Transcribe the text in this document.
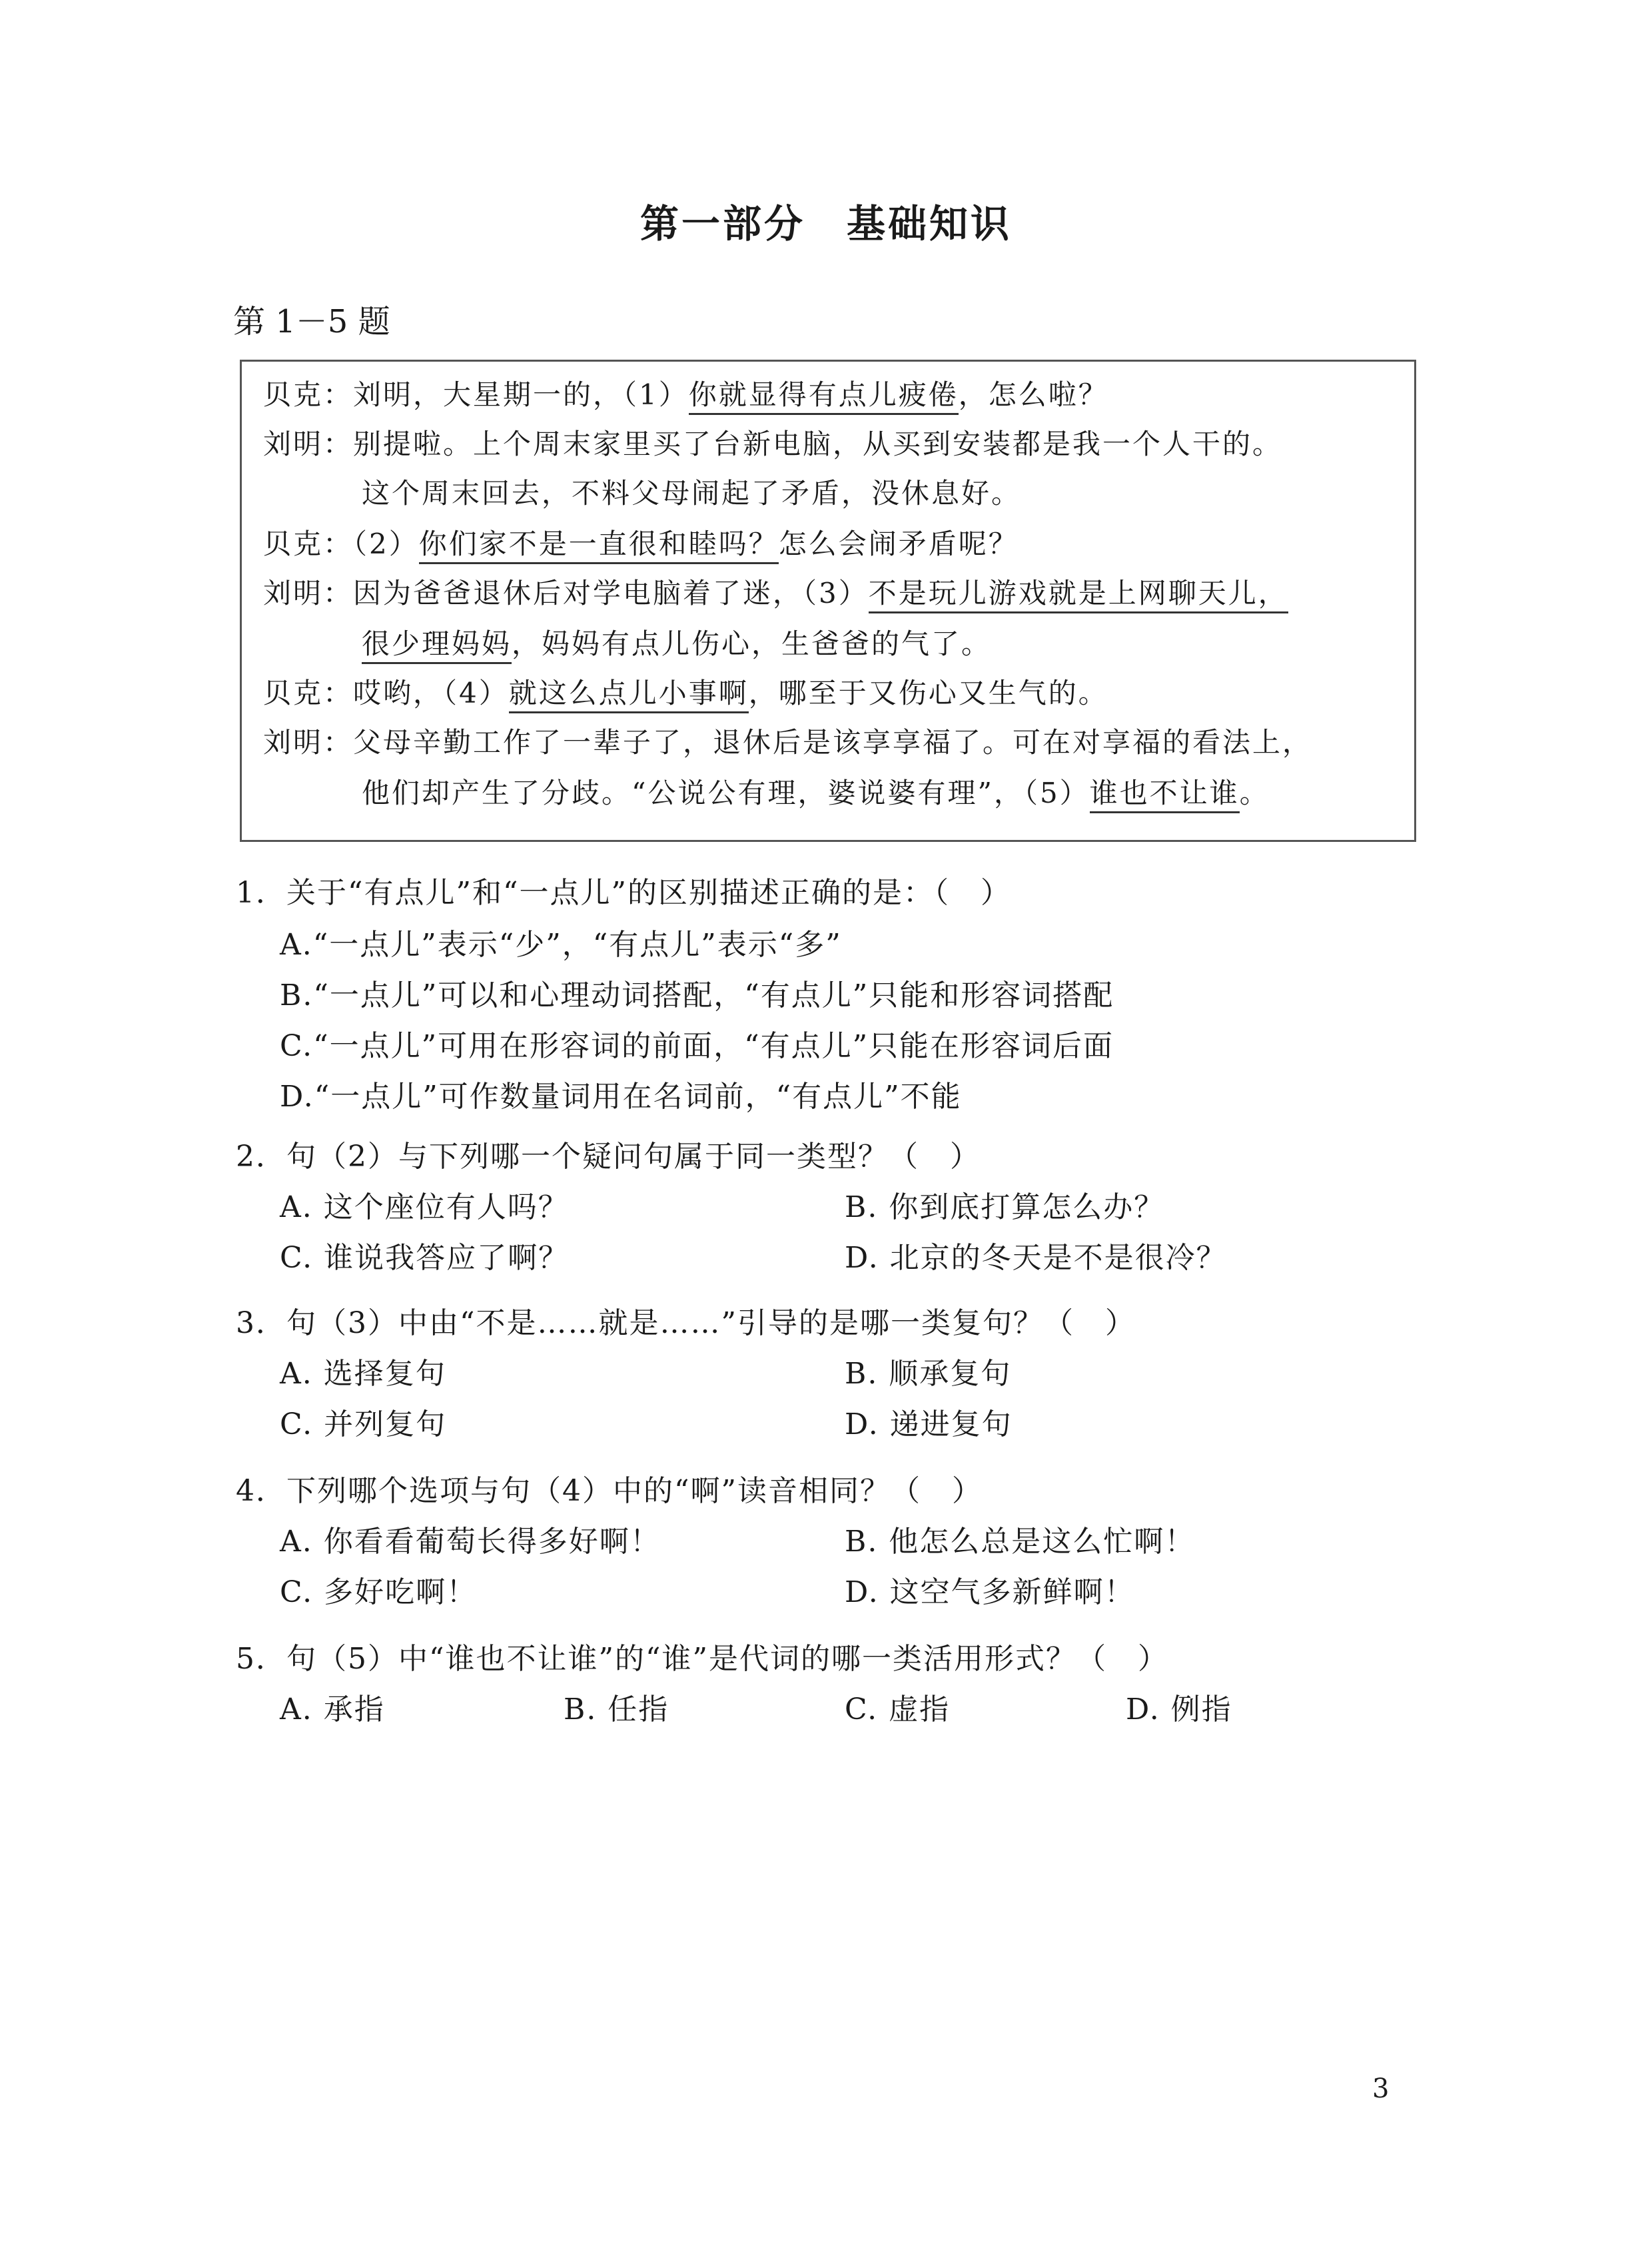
第一部分　基础知识
第 1－5 题
贝克：刘明，大星期一的，（1）你就显得有点儿疲倦，怎么啦？
刘明：别提啦。上个周末家里买了台新电脑，从买到安装都是我一个人干的。
这个周末回去，不料父母闹起了矛盾，没休息好。
贝克：（2）你们家不是一直很和睦吗？怎么会闹矛盾呢？
刘明：因为爸爸退休后对学电脑着了迷，（3）不是玩儿游戏就是上网聊天儿，
很少理妈妈，妈妈有点儿伤心，生爸爸的气了。
贝克：哎哟，（4）就这么点儿小事啊，哪至于又伤心又生气的。
刘明：父母辛勤工作了一辈子了，退休后是该享享福了。可在对享福的看法上，
他们却产生了分歧。“公说公有理，婆说婆有理”，（5）谁也不让谁。
1．关于“有点儿”和“一点儿”的区别描述正确的是：（　）
A.“一点儿”表示“少”，“有点儿”表示“多”
B.“一点儿”可以和心理动词搭配，“有点儿”只能和形容词搭配
C.“一点儿”可用在形容词的前面，“有点儿”只能在形容词后面
D.“一点儿”可作数量词用在名词前，“有点儿”不能
2．句（2）与下列哪一个疑问句属于同一类型？（　）
A. 这个座位有人吗？	B. 你到底打算怎么办？
C. 谁说我答应了啊？	D. 北京的冬天是不是很冷？
3．句（3）中由“不是……就是……”引导的是哪一类复句？（　）
A. 选择复句	B. 顺承复句
C. 并列复句	D. 递进复句
4．下列哪个选项与句（4）中的“啊”读音相同？（　）
A. 你看看葡萄长得多好啊！	B. 他怎么总是这么忙啊！
C. 多好吃啊！	D. 这空气多新鲜啊！
5．句（5）中“谁也不让谁”的“谁”是代词的哪一类活用形式？（　）
A. 承指	B. 任指	C. 虚指	D. 例指
3
